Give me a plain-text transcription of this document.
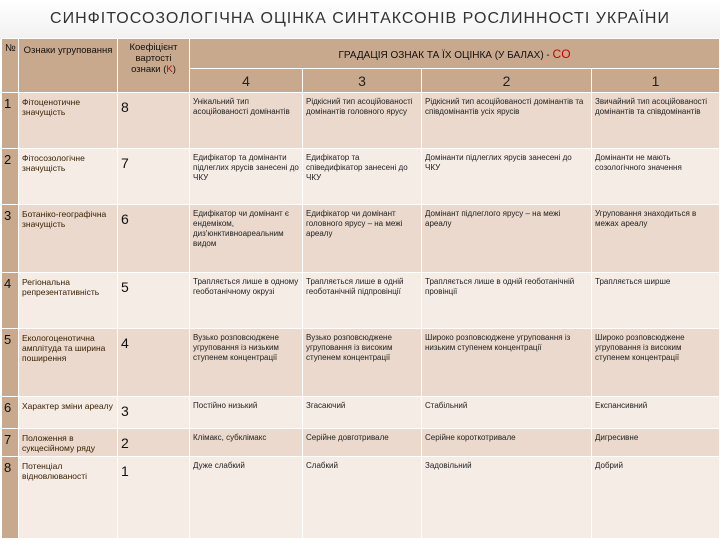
СИНФІТОСОЗОЛОГІЧНА ОЦІНКА СИНТАКСОНІВ РОСЛИННОСТІ УКРАЇНИ
№	Ознаки угруповання	Коефіцієнт вартості ознаки (K)	ГРАДАЦІЯ ОЗНАК ТА ЇХ ОЦІНКА (У БАЛАХ) - CO			
			4	3	2	1
1	Фітоценотичне значущість	8	Унікальний тип асоційованості домінантів	Рідкісний тип асоційованості домінантів головного ярусу	Рідкісний тип асоційованості домінантів та співдомінантів усіх ярусів	Звичайний тип асоційованості домінантів та співдомінантів
2	Фітосозологічне значущість	7	Едифікатор та домінанти підлеглих ярусів занесені до ЧКУ	Едифікатор та співедифікатор занесені до ЧКУ	Домінанти підлеглих ярусів занесені до ЧКУ	Домінанти не мають созологічного значення
3	Ботаніко-географічна значущість	6	Едифікатор чи домінант є ендеміком, диз'юнктивноареальним видом	Едифікатор чи домінант головного ярусу – на межі ареалу	Домінант підлеглого ярусу – на межі ареалу	Угруповання знаходиться в межах ареалу
4	Регіональна репрезентативність	5	Трапляється лише в одному геоботанічному окрузі	Трапляється лише в одній геоботанічній підпровінції	Трапляється лише в одній геоботанічній провінції	Трапляється ширше
5	Екологоценотична амплітуда та ширина поширення	4	Вузько розповсюджене угруповання із низьким ступенем концентрації	Вузько розповсюджене угруповання із високим ступенем концентрації	Широко розповсюджене угруповання із низьким ступенем концентрації	Широко розповсюджене угруповання із високим ступенем концентрації
6	Характер зміни ареалу	3	Постійно низький	Згасаючий	Стабільний	Експансивний
7	Положення в сукцесійному ряду	2	Клімакс, субклімакс	Серійне довготривале	Серійне короткотривале	Дигресивне
8	Потенціал відновлюваності	1	Дуже слабкий	Слабкий	Задовільний	Добрий
